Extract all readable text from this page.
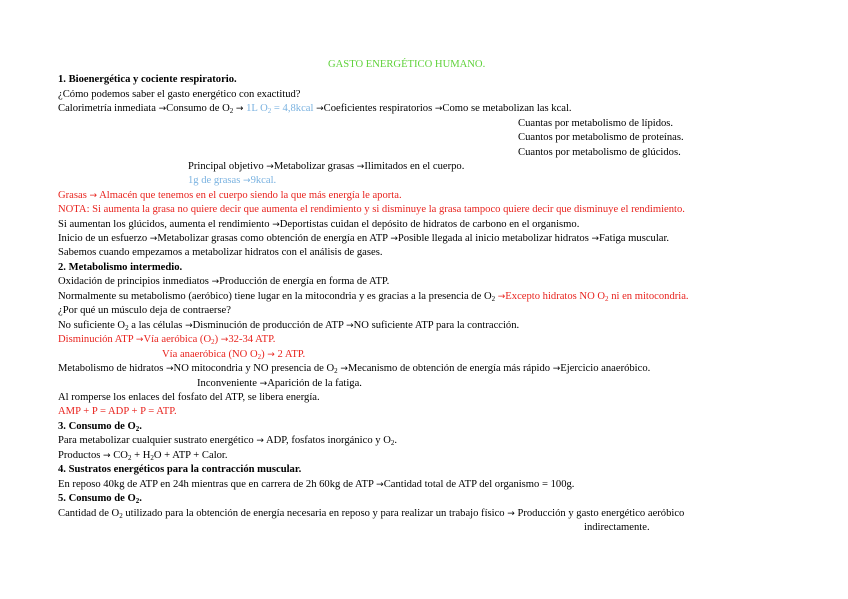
GASTO ENERGÉTICO HUMANO.
1. Bioenergética y cociente respiratorio.
¿Cómo podemos saber el gasto energético con exactitud?
Calorimetría inmediata →Consumo de $O_2 \to 1L$ $O_2$ = 4,8kcal →Coeficientes respiratorios →Como se metabolizan las kcal.
Cuantas por metabolismo de lípidos.
Cuantos por metabolismo de proteínas.
Cuantos por metabolismo de glúcidos.
Principal objetivo →Metabolizar grasas →Ilimitados en el cuerpo.
1g de grasas →9kcal.
Grasas → Almacén que tenemos en el cuerpo siendo la que más energía le aporta.
NOTA: Si aumenta la grasa no quiere decir que aumenta el rendimiento y si disminuye la grasa tampoco quiere decir que disminuye el rendimiento.
Si aumentan los glúcidos, aumenta el rendimiento →Deportistas cuidan el depósito de hidratos de carbono en el organismo.
Inicio de un esfuerzo →Metabolizar grasas como obtención de energía en ATP →Posible llegada al inicio metabolizar hidratos →Fatiga muscular.
Sabemos cuando empezamos a metabolizar hidratos con el análisis de gases.
2. Metabolismo intermedio.
Oxidación de principios inmediatos →Producción de energía en forma de ATP.
Normalmente su metabolismo (aeróbico) tiene lugar en la mitocondria y es gracias a la presencia de $O_2$ →Excepto hidratos NO $O_2$ ni en mitocondria.
¿Por qué un músculo deja de contraerse?
No suficiente $O_2$ a las células →Disminución de producción de ATP →NO suficiente ATP para la contracción.
Disminución ATP →Vía aeróbica $(O_2) \to 32-34$ ATP.
Vía anaeróbica (NO $O_2) \to 2$ ATP.
Metabolismo de hidratos →NO mitocondria y NO presencia de $O_2$ →Mecanismo de obtención de energía más rápido →Ejercicio anaeróbico.
Inconveniente →Aparición de la fatiga.
Al romperse los enlaces del fosfato del ATP, se libera energía.
AMP + P = ADP + P = ATP.
3. Consumo de $O_2$.
Para metabolizar cualquier sustrato energético → ADP, fosfatos inorgánico y $O_2$.
Productos → $CO_2 + H_2O$ + ATP + Calor.
4. Sustratos energéticos para la contracción muscular.
En reposo 40kg de ATP en 24h mientras que en carrera de 2h 60kg de ATP →Cantidad total de ATP del organismo = 100g.
5. Consumo de $O_2$.
Cantidad de $O_2$ utilizado para la obtención de energía necesaria en reposo y para realizar un trabajo físico → Producción y gasto energético aeróbico
indirectamente.
